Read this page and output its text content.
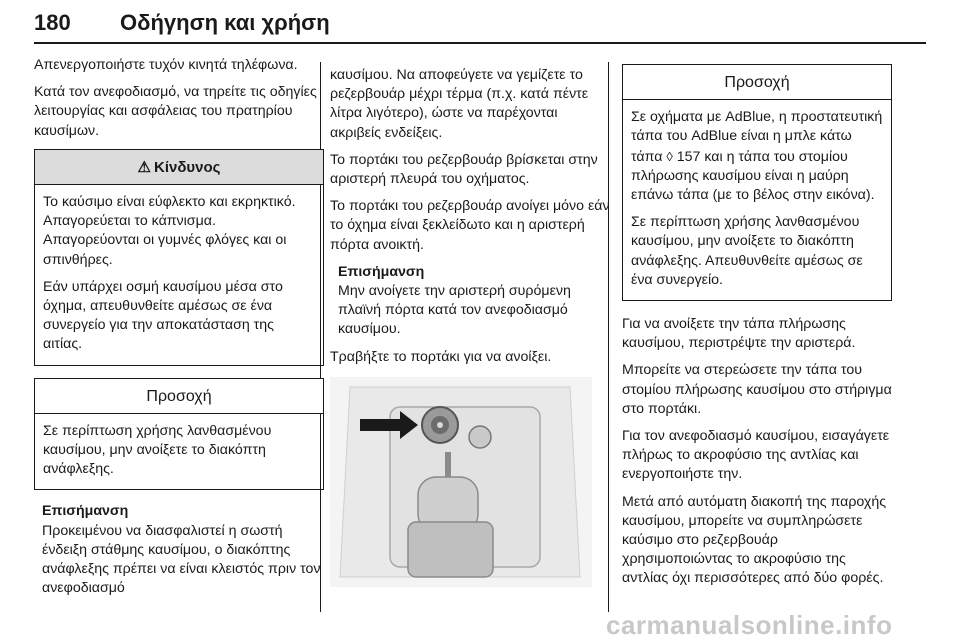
180 Οδήγηση και χρήση

Απενεργοποιήστε τυχόν κινητά τηλέφωνα.

Κατά τον ανεφοδιασμό, να τηρείτε τις οδηγίες λειτουργίας και ασφάλειας του πρατηρίου καυσίμων.

⚠ Κίνδυνος

Το καύσιμο είναι εύφλεκτο και εκρηκτικό. Απαγορεύεται το κάπνισμα. Απαγορεύονται οι γυμνές φλόγες και οι σπινθήρες.

Εάν υπάρχει οσμή καυσίμου μέσα στο όχημα, απευθυνθείτε αμέσως σε ένα συνεργείο για την αποκατάσταση της αιτίας.

Προσοχή

Σε περίπτωση χρήσης λανθασμένου καυσίμου, μην ανοίξετε το διακόπτη ανάφλεξης.

Επισήμανση
Προκειμένου να διασφαλιστεί η σωστή ένδειξη στάθμης καυσίμου, ο διακόπτης ανάφλεξης πρέπει να είναι κλειστός πριν τον ανεφοδιασμό

καυσίμου. Να αποφεύγετε να γεμίζετε το ρεζερβουάρ μέχρι τέρμα (π.χ. κατά πέντε λίτρα λιγότερο), ώστε να παρέχονται ακριβείς ενδείξεις.

Το πορτάκι του ρεζερβουάρ βρίσκεται στην αριστερή πλευρά του οχήματος.

Το πορτάκι του ρεζερβουάρ ανοίγει μόνο εάν το όχημα είναι ξεκλείδωτο και η αριστερή πόρτα ανοικτή.

Επισήμανση
Μην ανοίγετε την αριστερή συρόμενη πλαϊνή πόρτα κατά τον ανεφοδιασμό καυσίμου.

Τραβήξτε το πορτάκι για να ανοίξει.

Προσοχή

Σε οχήματα με AdBlue, η προστατευτική τάπα του AdBlue είναι η μπλε κάτω τάπα ◊ 157 και η τάπα του στομίου πλήρωσης καυσίμου είναι η μαύρη επάνω τάπα (με το βέλος στην εικόνα).

Σε περίπτωση χρήσης λανθασμένου καυσίμου, μην ανοίξετε το διακόπτη ανάφλεξης. Απευθυνθείτε αμέσως σε ένα συνεργείο.

Για να ανοίξετε την τάπα πλήρωσης καυσίμου, περιστρέψτε την αριστερά.

Μπορείτε να στερεώσετε την τάπα του στομίου πλήρωσης καυσίμου στο στήριγμα στο πορτάκι.

Για τον ανεφοδιασμό καυσίμου, εισαγάγετε πλήρως το ακροφύσιο της αντλίας και ενεργοποιήστε την.

Μετά από αυτόματη διακοπή της παροχής καυσίμου, μπορείτε να συμπληρώσετε καύσιμο στο ρεζερβουάρ χρησιμοποιώντας το ακροφύσιο της αντλίας όχι περισσότερες από δύο φορές.

carmanualsonline.info
